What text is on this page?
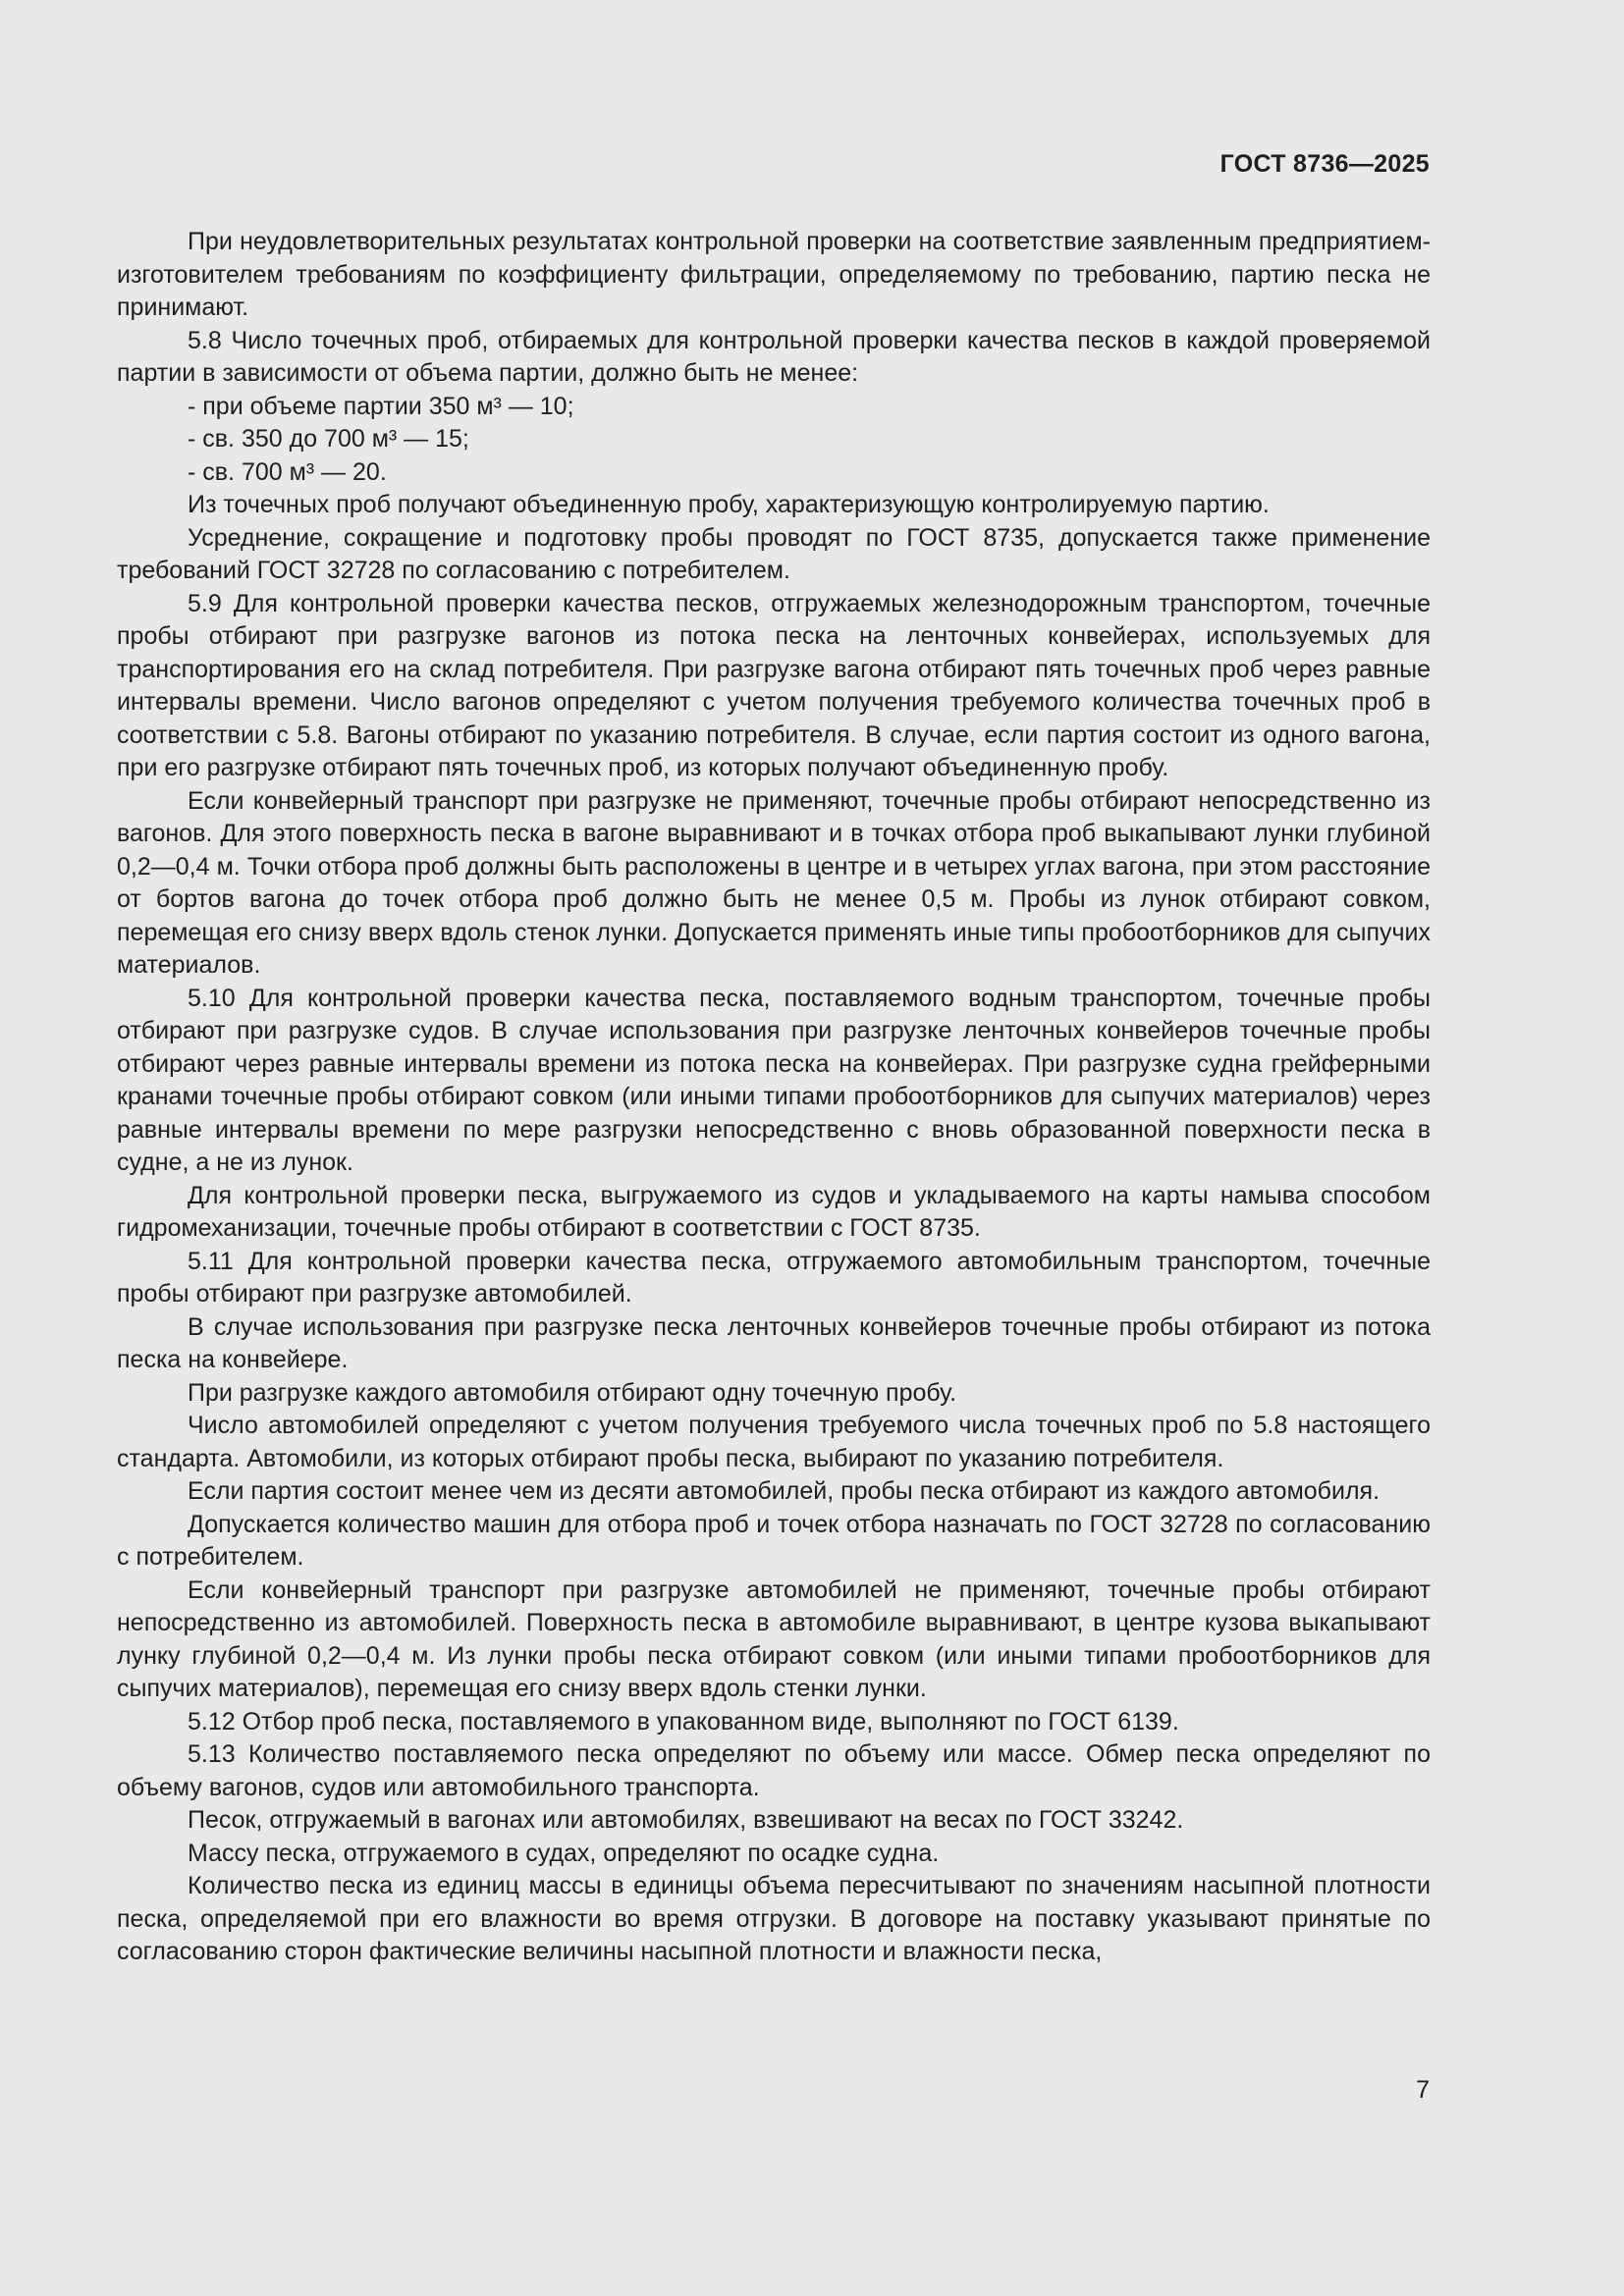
ГОСТ 8736—2025

При неудовлетворительных результатах контрольной проверки на соответствие заявленным предприятием-изготовителем требованиям по коэффициенту фильтрации, определяемому по требованию, партию песка не принимают.

5.8 Число точечных проб, отбираемых для контрольной проверки качества песков в каждой проверяемой партии в зависимости от объема партии, должно быть не менее:

- при объеме партии 350 м³ — 10;
- св. 350 до 700 м³ — 15;
- св. 700 м³ — 20.

Из точечных проб получают объединенную пробу, характеризующую контролируемую партию.

Усреднение, сокращение и подготовку пробы проводят по ГОСТ 8735, допускается также применение требований ГОСТ 32728 по согласованию с потребителем.

5.9 Для контрольной проверки качества песков, отгружаемых железнодорожным транспортом, точечные пробы отбирают при разгрузке вагонов из потока песка на ленточных конвейерах, используемых для транспортирования его на склад потребителя. При разгрузке вагона отбирают пять точечных проб через равные интервалы времени. Число вагонов определяют с учетом получения требуемого количества точечных проб в соответствии с 5.8. Вагоны отбирают по указанию потребителя. В случае, если партия состоит из одного вагона, при его разгрузке отбирают пять точечных проб, из которых получают объединенную пробу.

Если конвейерный транспорт при разгрузке не применяют, точечные пробы отбирают непосредственно из вагонов. Для этого поверхность песка в вагоне выравнивают и в точках отбора проб выкапывают лунки глубиной 0,2—0,4 м. Точки отбора проб должны быть расположены в центре и в четырех углах вагона, при этом расстояние от бортов вагона до точек отбора проб должно быть не менее 0,5 м. Пробы из лунок отбирают совком, перемещая его снизу вверх вдоль стенок лунки. Допускается применять иные типы пробоотборников для сыпучих материалов.

5.10 Для контрольной проверки качества песка, поставляемого водным транспортом, точечные пробы отбирают при разгрузке судов. В случае использования при разгрузке ленточных конвейеров точечные пробы отбирают через равные интервалы времени из потока песка на конвейерах. При разгрузке судна грейферными кранами точечные пробы отбирают совком (или иными типами пробоотборников для сыпучих материалов) через равные интервалы времени по мере разгрузки непосредственно с вновь образованной поверхности песка в судне, а не из лунок.

Для контрольной проверки песка, выгружаемого из судов и укладываемого на карты намыва способом гидромеханизации, точечные пробы отбирают в соответствии с ГОСТ 8735.

5.11 Для контрольной проверки качества песка, отгружаемого автомобильным транспортом, точечные пробы отбирают при разгрузке автомобилей.

В случае использования при разгрузке песка ленточных конвейеров точечные пробы отбирают из потока песка на конвейере.

При разгрузке каждого автомобиля отбирают одну точечную пробу.

Число автомобилей определяют с учетом получения требуемого числа точечных проб по 5.8 настоящего стандарта. Автомобили, из которых отбирают пробы песка, выбирают по указанию потребителя.

Если партия состоит менее чем из десяти автомобилей, пробы песка отбирают из каждого автомобиля.

Допускается количество машин для отбора проб и точек отбора назначать по ГОСТ 32728 по согласованию с потребителем.

Если конвейерный транспорт при разгрузке автомобилей не применяют, точечные пробы отбирают непосредственно из автомобилей. Поверхность песка в автомобиле выравнивают, в центре кузова выкапывают лунку глубиной 0,2—0,4 м. Из лунки пробы песка отбирают совком (или иными типами пробоотборников для сыпучих материалов), перемещая его снизу вверх вдоль стенки лунки.

5.12 Отбор проб песка, поставляемого в упакованном виде, выполняют по ГОСТ 6139.

5.13 Количество поставляемого песка определяют по объему или массе. Обмер песка определяют по объему вагонов, судов или автомобильного транспорта.

Песок, отгружаемый в вагонах или автомобилях, взвешивают на весах по ГОСТ 33242.

Массу песка, отгружаемого в судах, определяют по осадке судна.

Количество песка из единиц массы в единицы объема пересчитывают по значениям насыпной плотности песка, определяемой при его влажности во время отгрузки. В договоре на поставку указывают принятые по согласованию сторон фактические величины насыпной плотности и влажности песка,

7
